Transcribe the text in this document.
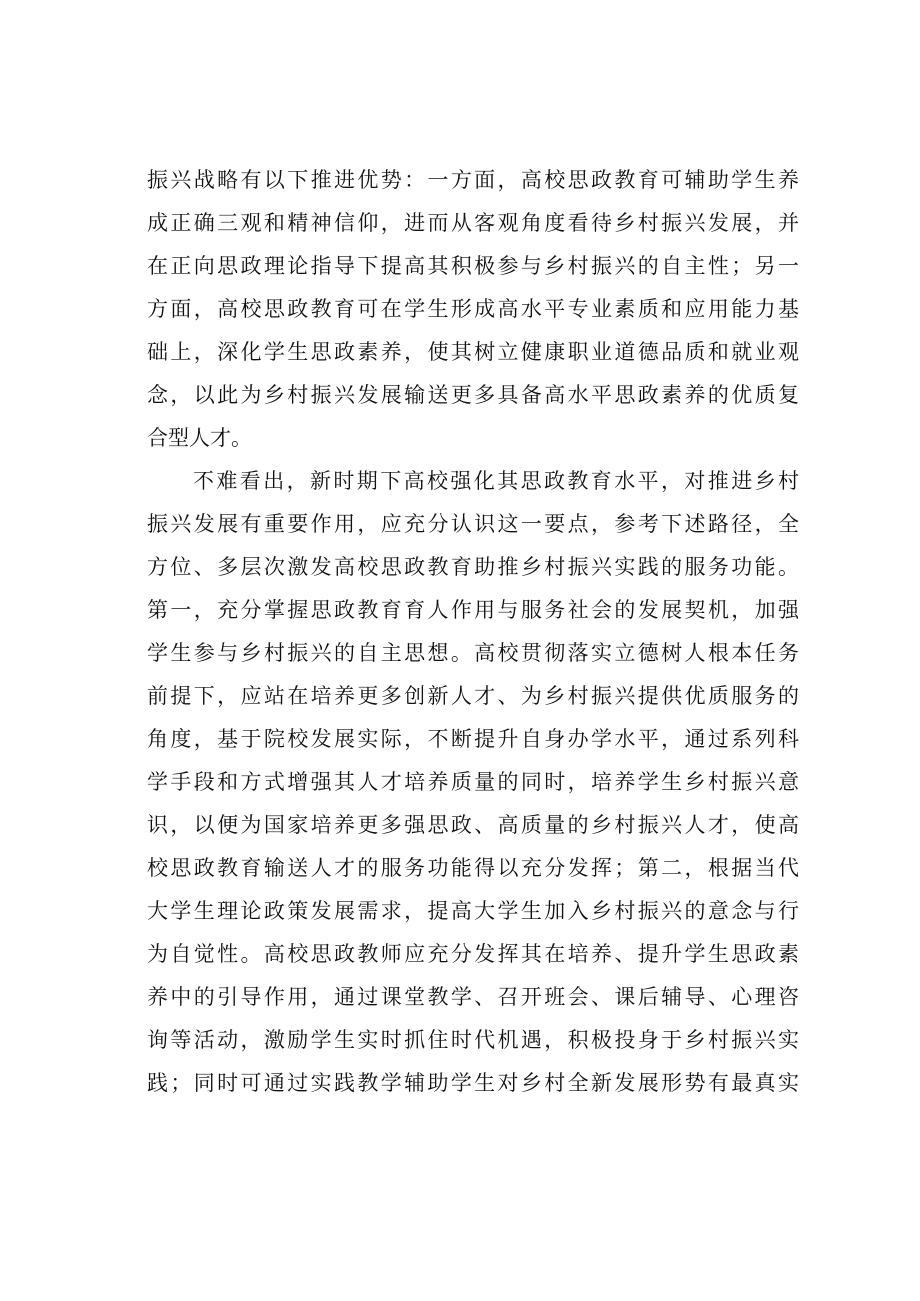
振兴战略有以下推进优势：一方面，高校思政教育可辅助学生养

成正确三观和精神信仰，进而从客观角度看待乡村振兴发展，并

在正向思政理论指导下提高其积极参与乡村振兴的自主性；另一

方面，高校思政教育可在学生形成高水平专业素质和应用能力基

础上，深化学生思政素养，使其树立健康职业道德品质和就业观

念，以此为乡村振兴发展输送更多具备高水平思政素养的优质复

合型人才。

不难看出，新时期下高校强化其思政教育水平，对推进乡村

振兴发展有重要作用，应充分认识这一要点，参考下述路径，全

方位、多层次激发高校思政教育助推乡村振兴实践的服务功能。

第一，充分掌握思政教育育人作用与服务社会的发展契机，加强

学生参与乡村振兴的自主思想。高校贯彻落实立德树人根本任务

前提下，应站在培养更多创新人才、为乡村振兴提供优质服务的

角度，基于院校发展实际，不断提升自身办学水平，通过系列科

学手段和方式增强其人才培养质量的同时，培养学生乡村振兴意

识，以便为国家培养更多强思政、高质量的乡村振兴人才，使高

校思政教育输送人才的服务功能得以充分发挥；第二，根据当代

大学生理论政策发展需求，提高大学生加入乡村振兴的意念与行

为自觉性。高校思政教师应充分发挥其在培养、提升学生思政素

养中的引导作用，通过课堂教学、召开班会、课后辅导、心理咨

询等活动，激励学生实时抓住时代机遇，积极投身于乡村振兴实

践；同时可通过实践教学辅助学生对乡村全新发展形势有最真实
